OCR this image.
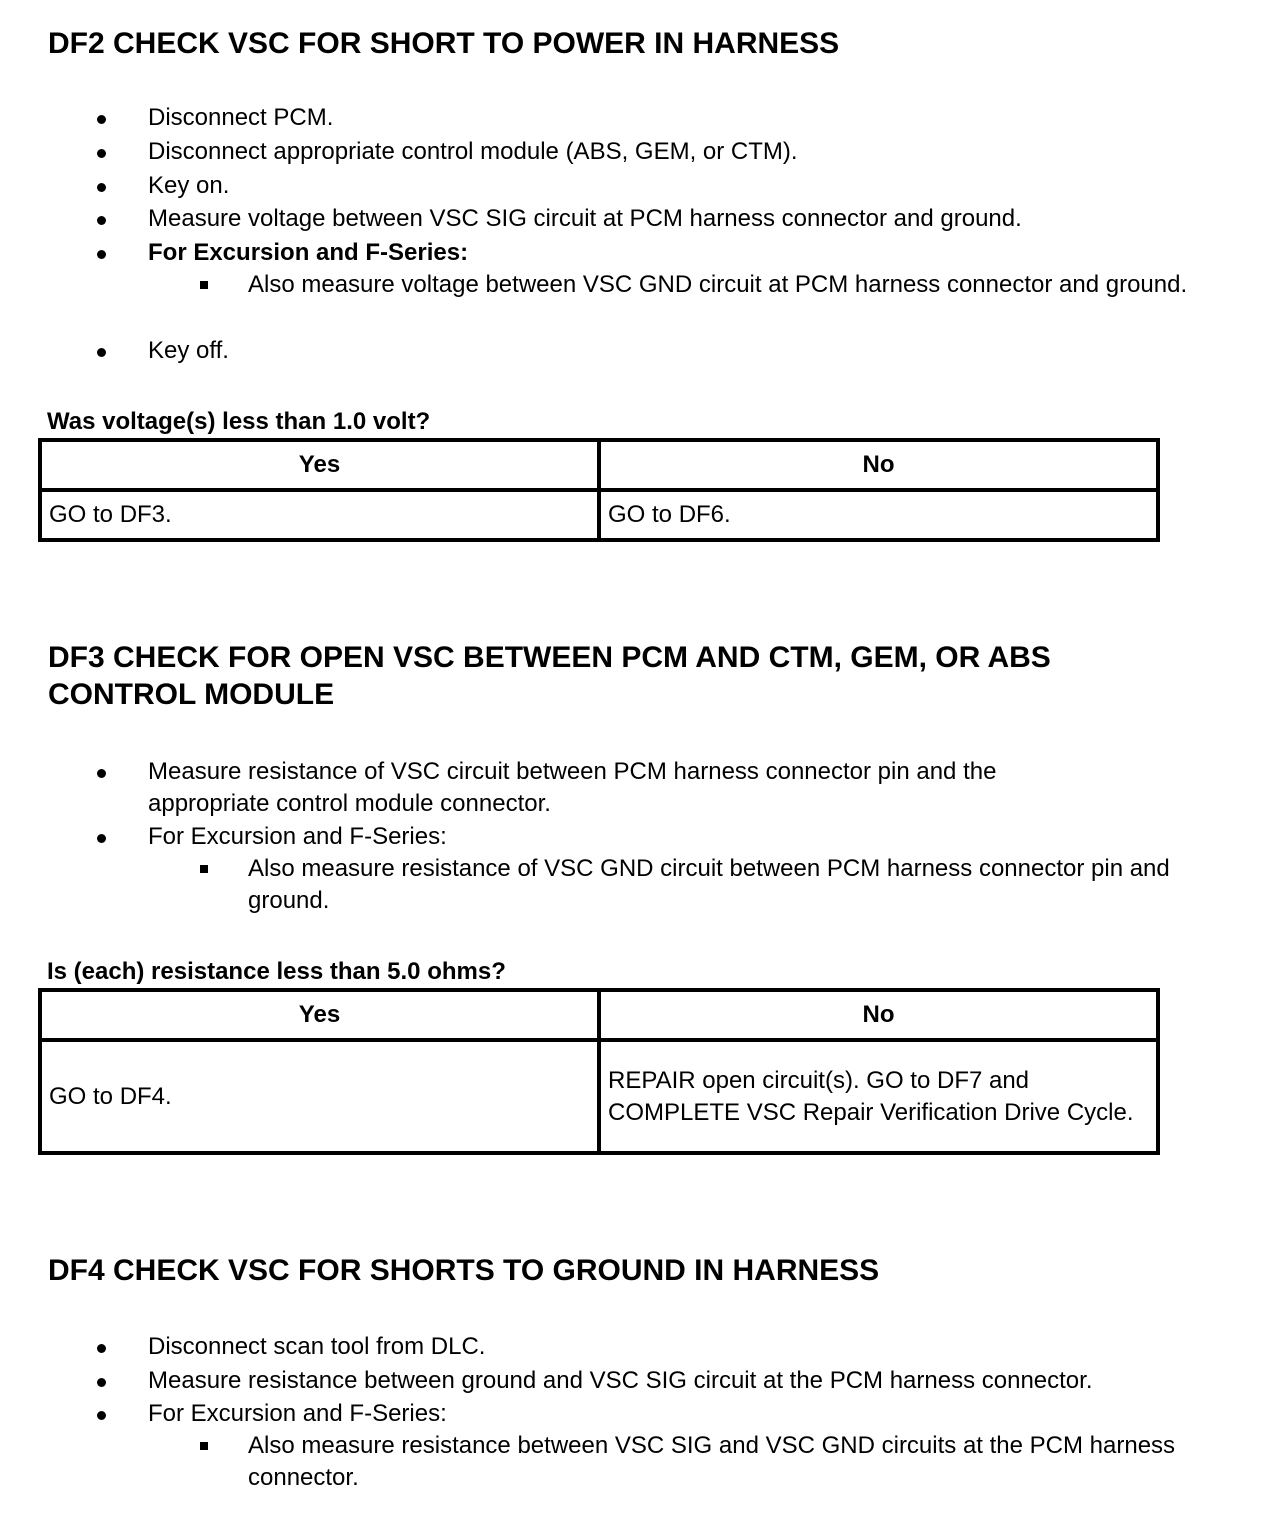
DF2 CHECK VSC FOR SHORT TO POWER IN HARNESS
Disconnect PCM.
Disconnect appropriate control module (ABS, GEM, or CTM).
Key on.
Measure voltage between VSC SIG circuit at PCM harness connector and ground.
For Excursion and F-Series:
Also measure voltage between VSC GND circuit at PCM harness connector and ground.
Key off.
Was voltage(s) less than 1.0 volt?
Yes	No
GO to DF3.	GO to DF6.
DF3 CHECK FOR OPEN VSC BETWEEN PCM AND CTM, GEM, OR ABS
CONTROL MODULE
Measure resistance of VSC circuit between PCM harness connector pin and the
appropriate control module connector.
For Excursion and F-Series:
Also measure resistance of VSC GND circuit between PCM harness connector pin and ground.
Is (each) resistance less than 5.0 ohms?
Yes	No
GO to DF4.	REPAIR open circuit(s). GO to DF7 and COMPLETE VSC Repair Verification Drive Cycle.
DF4 CHECK VSC FOR SHORTS TO GROUND IN HARNESS
Disconnect scan tool from DLC.
Measure resistance between ground and VSC SIG circuit at the PCM harness connector.
For Excursion and F-Series:
Also measure resistance between VSC SIG and VSC GND circuits at the PCM harness connector.
